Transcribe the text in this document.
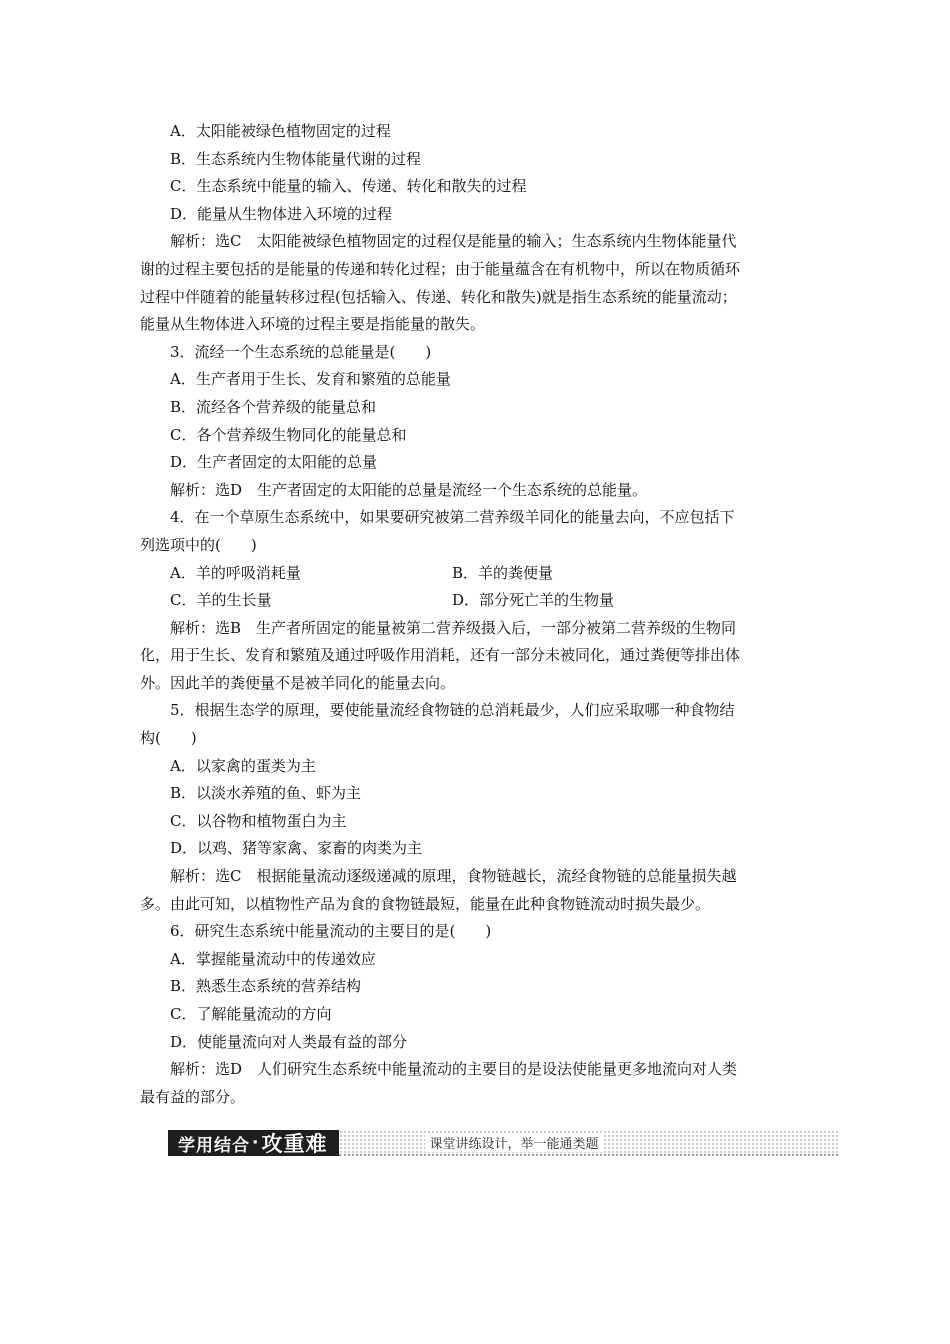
A．太阳能被绿色植物固定的过程
B．生态系统内生物体能量代谢的过程
C．生态系统中能量的输入、传递、转化和散失的过程
D．能量从生物体进入环境的过程
解析：选C　太阳能被绿色植物固定的过程仅是能量的输入；生态系统内生物体能量代
谢的过程主要包括的是能量的传递和转化过程；由于能量蕴含在有机物中，所以在物质循环
过程中伴随着的能量转移过程(包括输入、传递、转化和散失)就是指生态系统的能量流动；
能量从生物体进入环境的过程主要是指能量的散失。
3．流经一个生态系统的总能量是(　　)
A．生产者用于生长、发育和繁殖的总能量
B．流经各个营养级的能量总和
C．各个营养级生物同化的能量总和
D．生产者固定的太阳能的总量
解析：选D　生产者固定的太阳能的总量是流经一个生态系统的总能量。
4．在一个草原生态系统中，如果要研究被第二营养级羊同化的能量去向，不应包括下
列选项中的(　　)
A．羊的呼吸消耗量	B．羊的粪便量
C．羊的生长量	D．部分死亡羊的生物量
解析：选B　生产者所固定的能量被第二营养级摄入后，一部分被第二营养级的生物同
化，用于生长、发育和繁殖及通过呼吸作用消耗，还有一部分未被同化，通过粪便等排出体
外。因此羊的粪便量不是被羊同化的能量去向。
5．根据生态学的原理，要使能量流经食物链的总消耗最少，人们应采取哪一种食物结
构(　　)
A．以家禽的蛋类为主
B．以淡水养殖的鱼、虾为主
C．以谷物和植物蛋白为主
D．以鸡、猪等家禽、家畜的肉类为主
解析：选C　根据能量流动逐级递减的原理，食物链越长，流经食物链的总能量损失越
多。由此可知，以植物性产品为食的食物链最短，能量在此种食物链流动时损失最少。
6．研究生态系统中能量流动的主要目的是(　　)
A．掌握能量流动中的传递效应
B．熟悉生态系统的营养结构
C．了解能量流动的方向
D．使能量流向对人类最有益的部分
解析：选D　人们研究生态系统中能量流动的主要目的是设法使能量更多地流向对人类
最有益的部分。
学用结合 · 攻重难	课堂讲练设计，举一能通类题
